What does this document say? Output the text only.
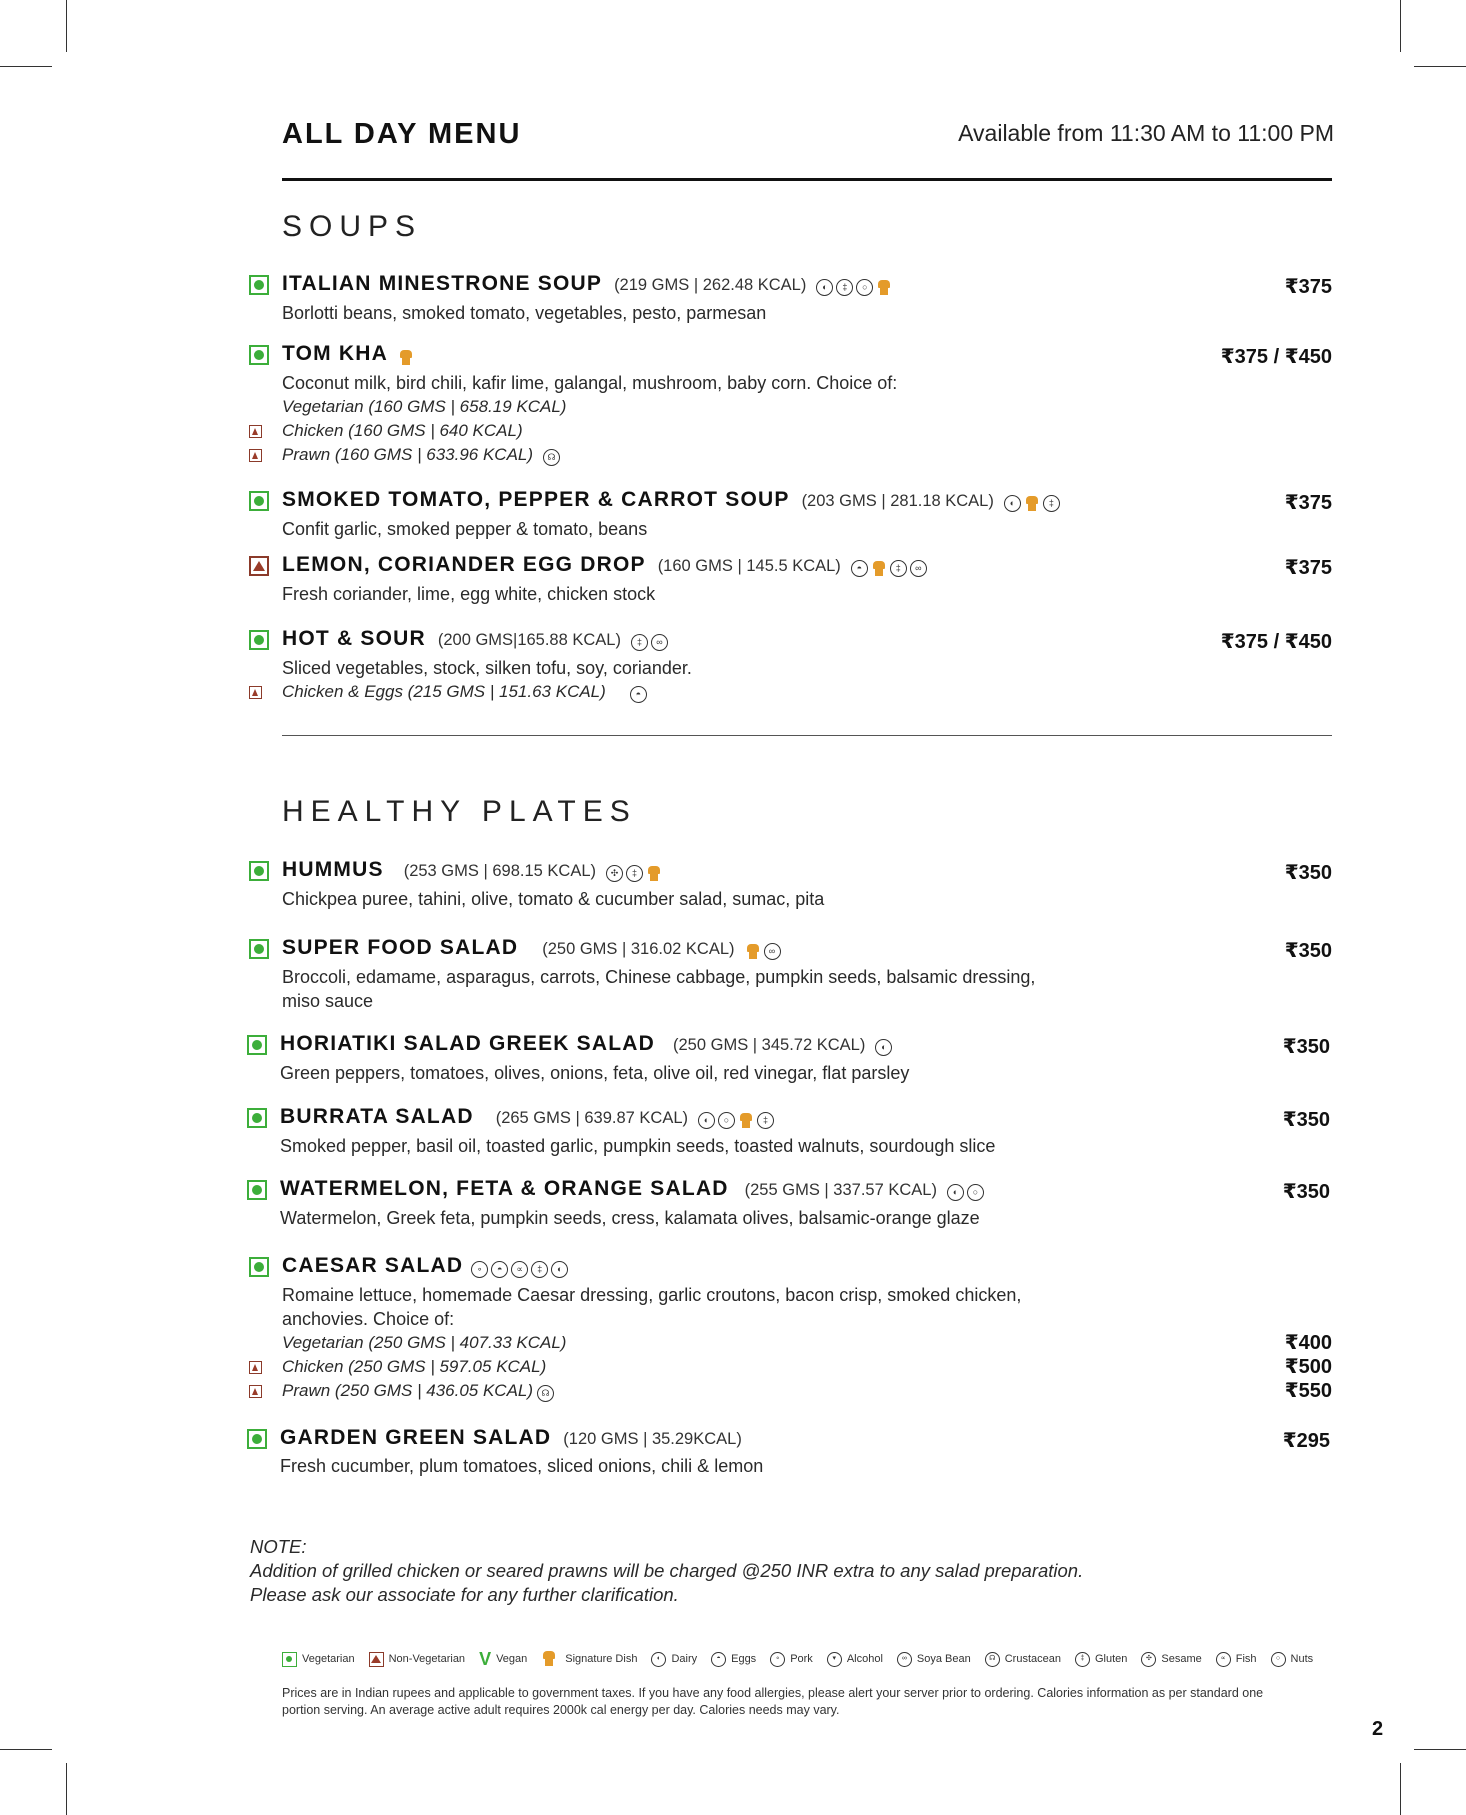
ALL DAY MENU	Available from 11:30 AM to 11:00 PM
SOUPS
ITALIAN MINESTRONE SOUP (219 GMS | 262.48 KCAL) ◐ ‡ ○	₹375
Borlotti beans, smoked tomato, vegetables, pesto, parmesan
TOM KHA	₹375 / ₹450
Coconut milk, bird chili, kafir lime, galangal, mushroom, baby corn. Choice of:
Vegetarian (160 GMS | 658.19 KCAL)
Chicken (160 GMS | 640 KCAL)
Prawn (160 GMS | 633.96 KCAL) ☊
SMOKED TOMATO, PEPPER & CARROT SOUP (203 GMS | 281.18 KCAL) ◐	‡	₹375
Confit garlic, smoked pepper & tomato, beans
LEMON, CORIANDER EGG DROP (160 GMS | 145.5 KCAL) ◓	‡ ∞	₹375
Fresh coriander, lime, egg white, chicken stock
HOT & SOUR (200 GMS|165.88 KCAL) ‡ ∞	₹375 / ₹450
Sliced vegetables, stock, silken tofu, soy, coriander.
Chicken & Eggs (215 GMS | 151.63 KCAL)	◓
HEALTHY PLATES
HUMMUS (253 GMS | 698.15 KCAL) ✣ ‡	₹350
Chickpea puree, tahini, olive, tomato & cucumber salad, sumac, pita
SUPER FOOD SALAD (250 GMS | 316.02 KCAL)	∞	₹350
Broccoli, edamame, asparagus, carrots, Chinese cabbage, pumpkin seeds, balsamic dressing, miso sauce
HORIATIKI SALAD GREEK SALAD (250 GMS | 345.72 KCAL) ◐	₹350
Green peppers, tomatoes, olives, onions, feta, olive oil, red vinegar, flat parsley
BURRATA SALAD (265 GMS | 639.87 KCAL) ◐ ○	‡	₹350
Smoked pepper, basil oil, toasted garlic, pumpkin seeds, toasted walnuts, sourdough slice
WATERMELON, FETA & ORANGE SALAD (255 GMS | 337.57 KCAL) ◐ ○	₹350
Watermelon, Greek feta, pumpkin seeds, cress, kalamata olives, balsamic-orange glaze
CAESAR SALAD ∘ ◓ ∝ ‡ ◐
Romaine lettuce, homemade Caesar dressing, garlic croutons, bacon crisp, smoked chicken, anchovies. Choice of:
Vegetarian (250 GMS | 407.33 KCAL)	₹400
Chicken (250 GMS | 597.05 KCAL)	₹500
Prawn (250 GMS | 436.05 KCAL) ☊	₹550
GARDEN GREEN SALAD (120 GMS | 35.29KCAL)	₹295
Fresh cucumber, plum tomatoes, sliced onions, chili & lemon
NOTE:
Addition of grilled chicken or seared prawns will be charged @250 INR extra to any salad preparation.
Please ask our associate for any further clarification.
Vegetarian	Non-Vegetarian V Vegan	Signature Dish	◐ Dairy	◓ Eggs	∘ Pork	▾ Alcohol	∞ Soya Bean	☊ Crustacean	‡ Gluten	✣ Sesame	∝ Fish	○ Nuts
Prices are in Indian rupees and applicable to government taxes. If you have any food allergies, please alert your server prior to ordering. Calories information as per standard one portion serving. An average active adult requires 2000k cal energy per day. Calories needs may vary.
2
